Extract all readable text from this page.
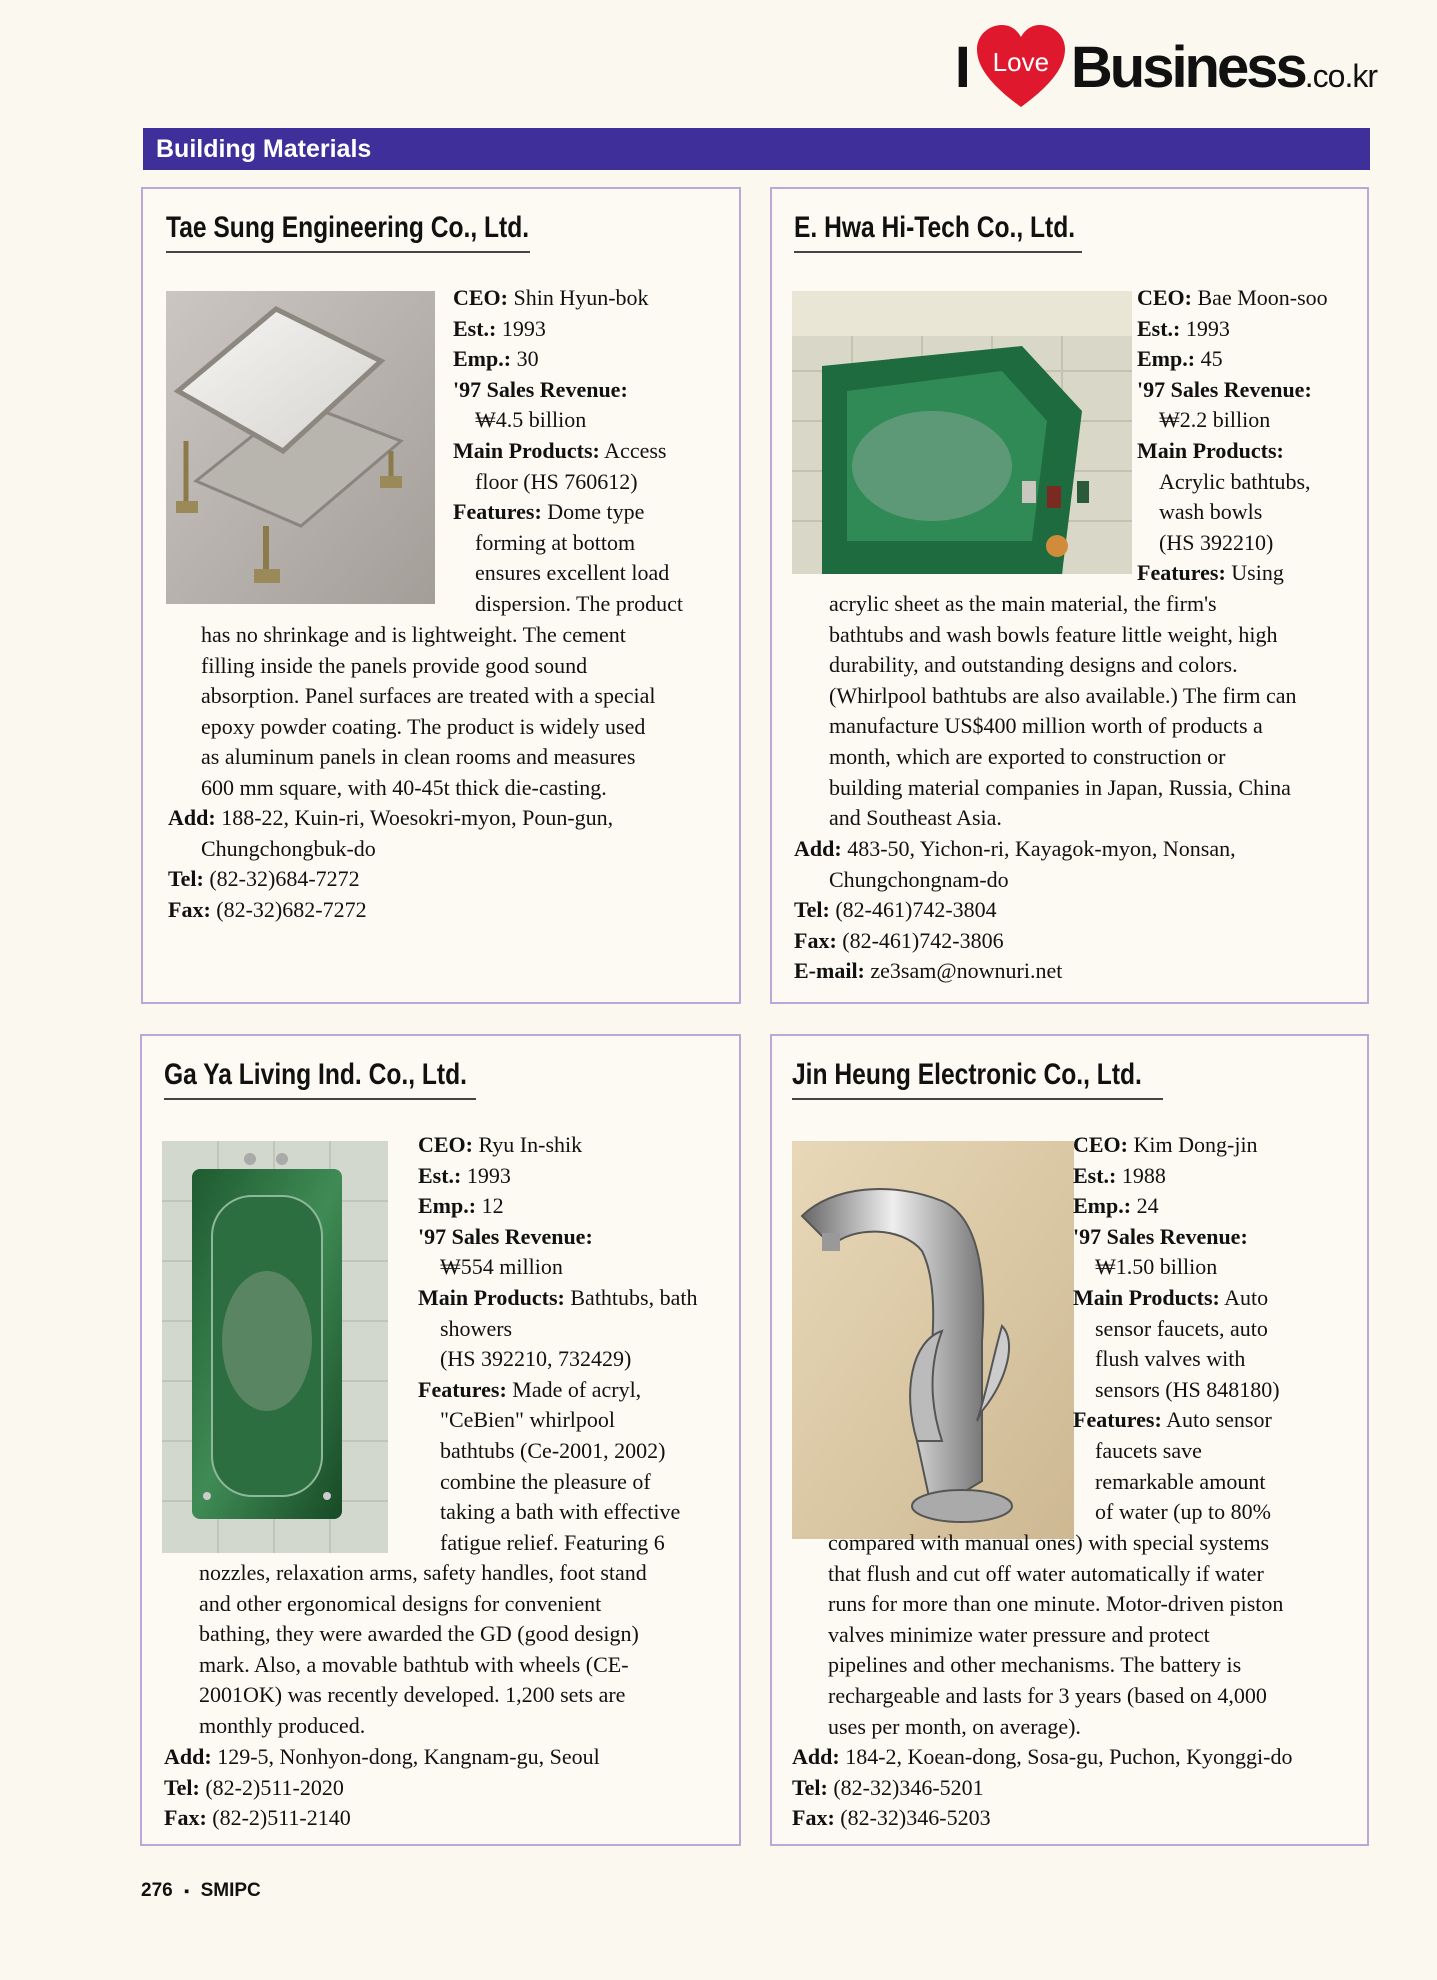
I Love Business .co.kr
Building Materials
Tae Sung Engineering Co., Ltd.
CEO: Shin Hyun-bok
Est.: 1993
Emp.: 30
'97 Sales Revenue:
₩4.5 billion
Main Products: Access
floor (HS 760612)
Features: Dome type
forming at bottom
ensures excellent load
dispersion. The product
has no shrinkage and is lightweight. The cement
filling inside the panels provide good sound
absorption. Panel surfaces are treated with a special
epoxy powder coating. The product is widely used
as aluminum panels in clean rooms and measures
600 mm square, with 40-45t thick die-casting.
Add: 188-22, Kuin-ri, Woesokri-myon, Poun-gun,
Chungchongbuk-do
Tel: (82-32)684-7272
Fax: (82-32)682-7272
E. Hwa Hi-Tech Co., Ltd.
CEO: Bae Moon-soo
Est.: 1993
Emp.: 45
'97 Sales Revenue:
₩2.2 billion
Main Products:
Acrylic bathtubs,
wash bowls
(HS 392210)
Features: Using
acrylic sheet as the main material, the firm's
bathtubs and wash bowls feature little weight, high
durability, and outstanding designs and colors.
(Whirlpool bathtubs are also available.) The firm can
manufacture US$400 million worth of products a
month, which are exported to construction or
building material companies in Japan, Russia, China
and Southeast Asia.
Add: 483-50, Yichon-ri, Kayagok-myon, Nonsan,
Chungchongnam-do
Tel: (82-461)742-3804
Fax: (82-461)742-3806
E-mail: ze3sam@nownuri.net
Ga Ya Living Ind. Co., Ltd.
CEO: Ryu In-shik
Est.: 1993
Emp.: 12
'97 Sales Revenue:
₩554 million
Main Products: Bathtubs, bath
showers
(HS 392210, 732429)
Features: Made of acryl,
"CeBien" whirlpool
bathtubs (Ce-2001, 2002)
combine the pleasure of
taking a bath with effective
fatigue relief. Featuring 6
nozzles, relaxation arms, safety handles, foot stand
and other ergonomical designs for convenient
bathing, they were awarded the GD (good design)
mark. Also, a movable bathtub with wheels (CE-
2001OK) was recently developed. 1,200 sets are
monthly produced.
Add: 129-5, Nonhyon-dong, Kangnam-gu, Seoul
Tel: (82-2)511-2020
Fax: (82-2)511-2140
Jin Heung Electronic Co., Ltd.
CEO: Kim Dong-jin
Est.: 1988
Emp.: 24
'97 Sales Revenue:
₩1.50 billion
Main Products: Auto
sensor faucets, auto
flush valves with
sensors (HS 848180)
Features: Auto sensor
faucets save
remarkable amount
of water (up to 80%
compared with manual ones) with special systems
that flush and cut off water automatically if water
runs for more than one minute. Motor-driven piston
valves minimize water pressure and protect
pipelines and other mechanisms. The battery is
rechargeable and lasts for 3 years (based on 4,000
uses per month, on average).
Add: 184-2, Koean-dong, Sosa-gu, Puchon, Kyonggi-do
Tel: (82-32)346-5201
Fax: (82-32)346-5203
276 ▪ SMIPC
